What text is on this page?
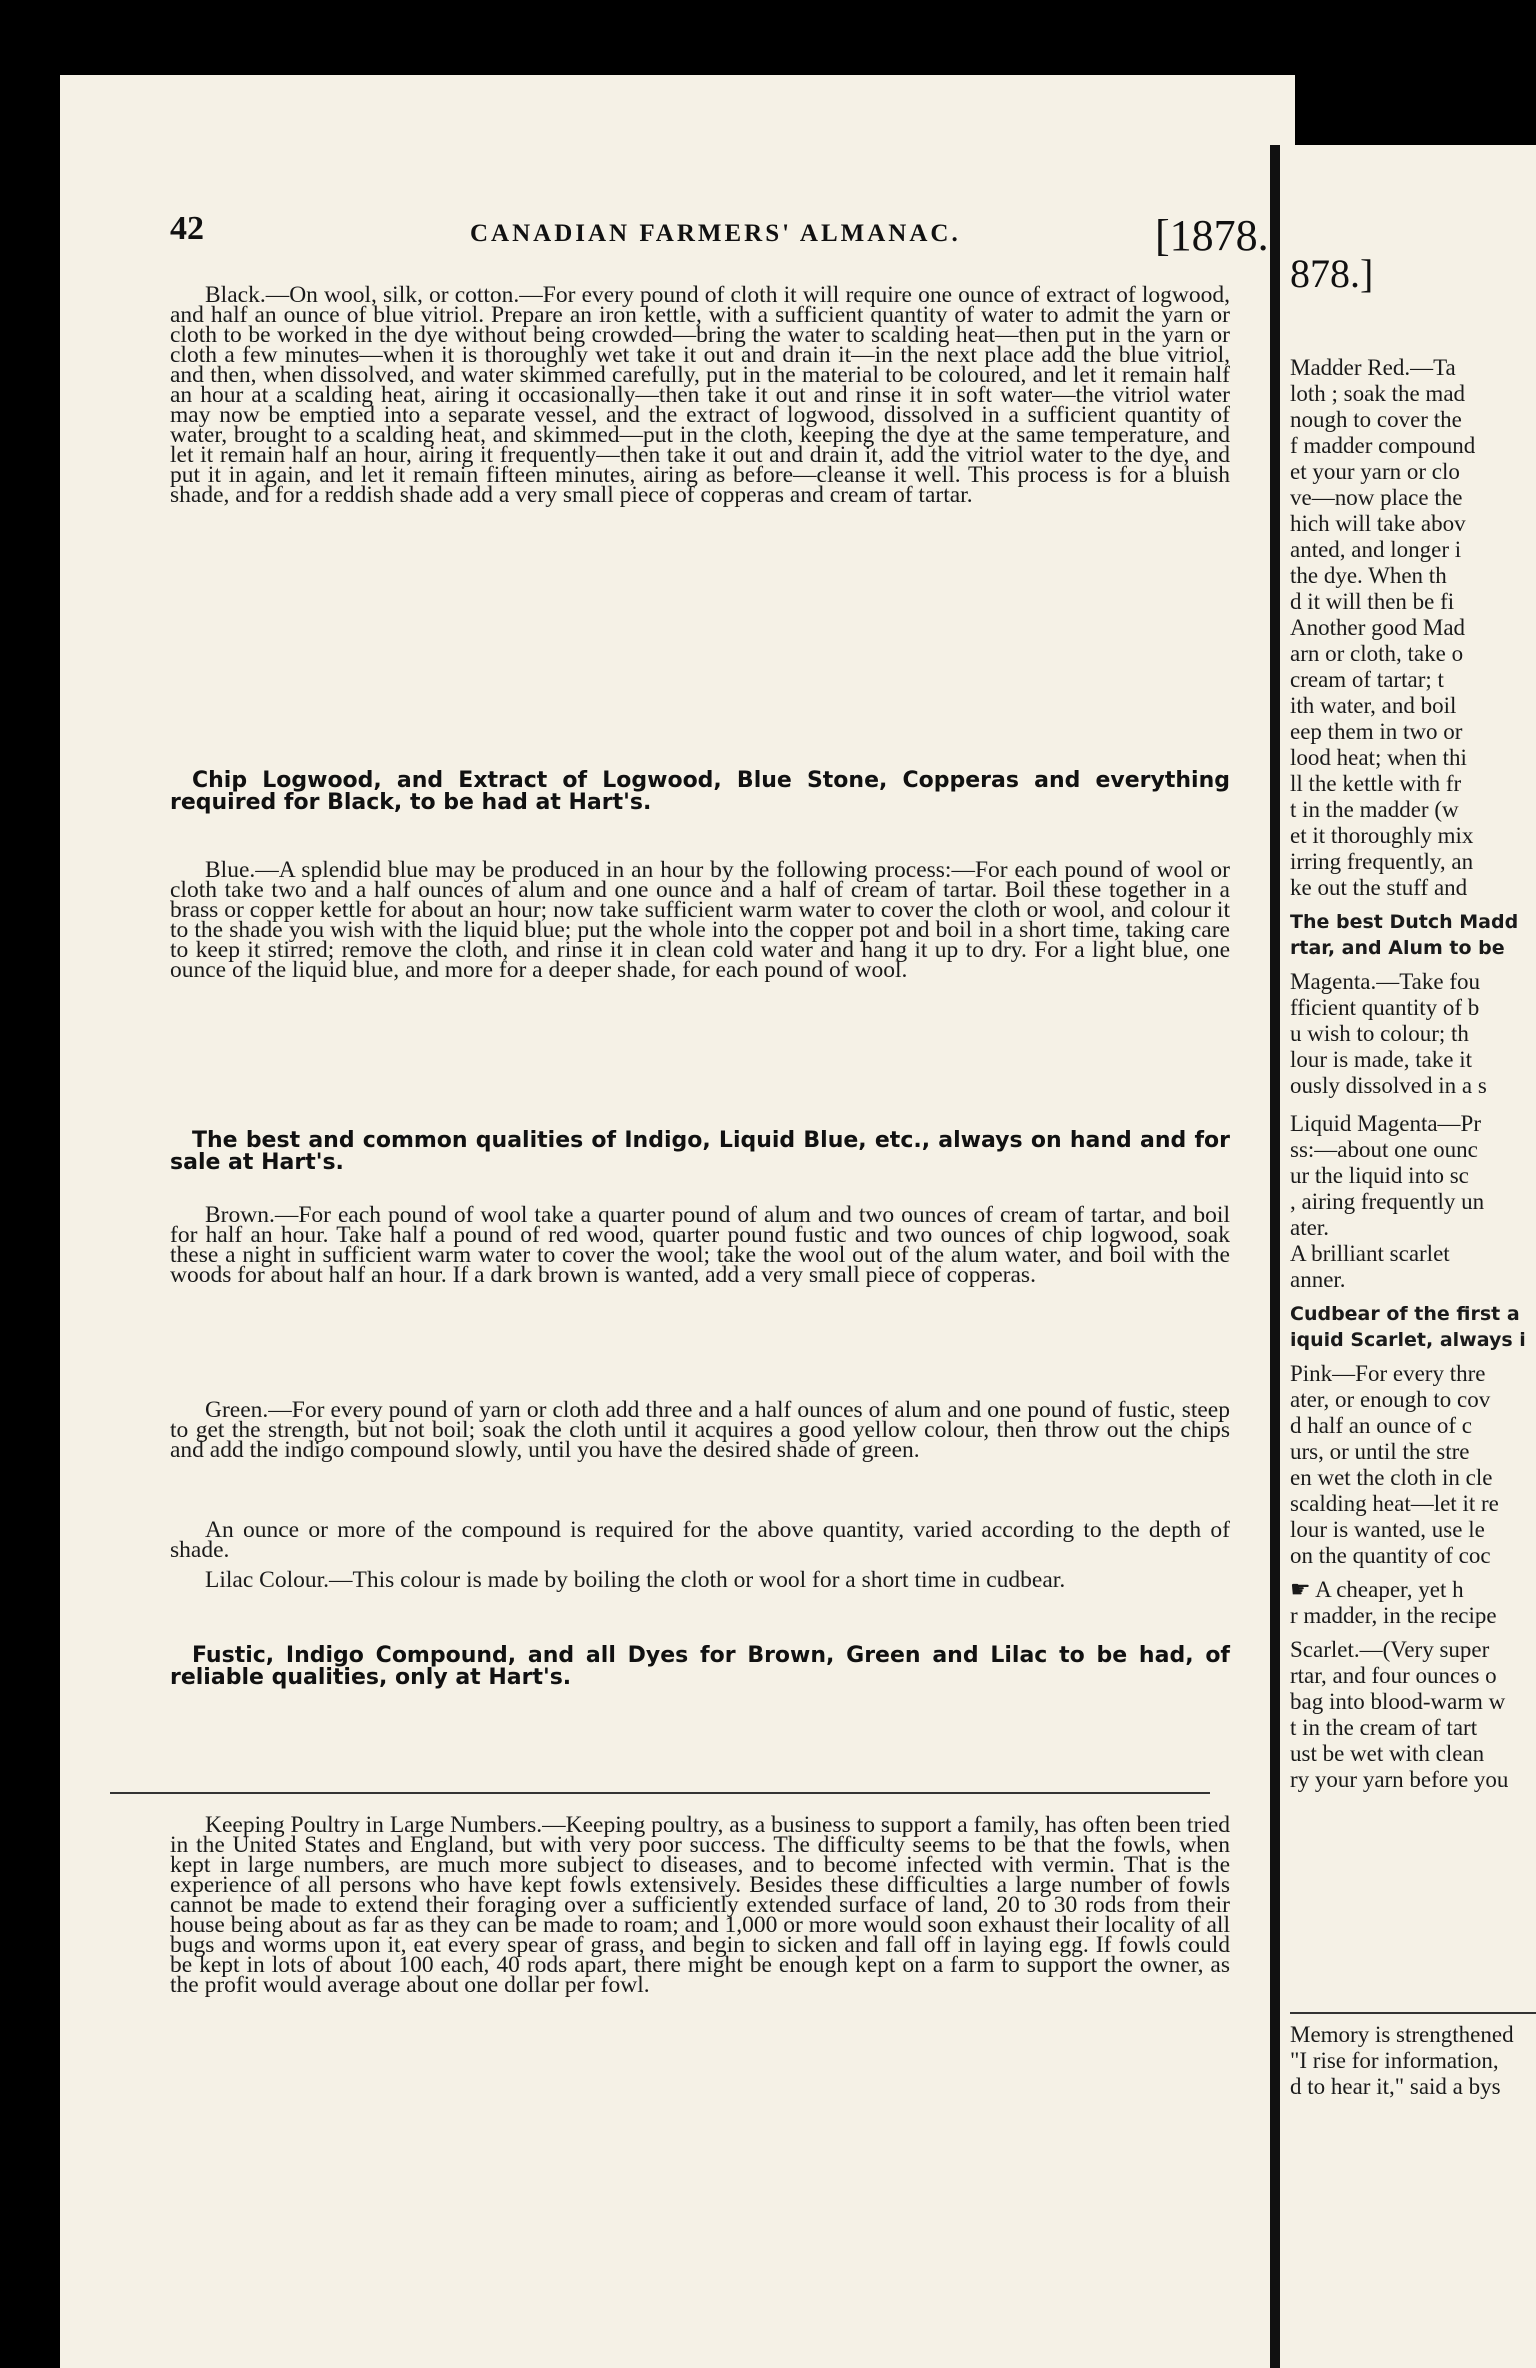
42	CANADIAN FARMERS' ALMANAC.	[1878.
Black.—On wool, silk, or cotton.—For every pound of cloth it will require one ounce of extract of logwood, and half an ounce of blue vitriol. Prepare an iron kettle, with a sufficient quantity of water to admit the yarn or cloth to be worked in the dye without being crowded—bring the water to scalding heat—then put in the yarn or cloth a few minutes—when it is thoroughly wet take it out and drain it—in the next place add the blue vitriol, and then, when dissolved, and water skimmed carefully, put in the material to be coloured, and let it remain half an hour at a scalding heat, airing it occasionally—then take it out and rinse it in soft water—the vitriol water may now be emptied into a separate vessel, and the extract of logwood, dissolved in a sufficient quantity of water, brought to a scalding heat, and skimmed—put in the cloth, keeping the dye at the same temperature, and let it remain half an hour, airing it frequently—then take it out and drain it, add the vitriol water to the dye, and put it in again, and let it remain fifteen minutes, airing as before—cleanse it well. This process is for a bluish shade, and for a reddish shade add a very small piece of copperas and cream of tartar.
Chip Logwood, and Extract of Logwood, Blue Stone, Copperas and everything required for Black, to be had at Hart's.
Blue.—A splendid blue may be produced in an hour by the following process:—For each pound of wool or cloth take two and a half ounces of alum and one ounce and a half of cream of tartar. Boil these together in a brass or copper kettle for about an hour; now take sufficient warm water to cover the cloth or wool, and colour it to the shade you wish with the liquid blue; put the whole into the copper pot and boil in a short time, taking care to keep it stirred; remove the cloth, and rinse it in clean cold water and hang it up to dry. For a light blue, one ounce of the liquid blue, and more for a deeper shade, for each pound of wool.
The best and common qualities of Indigo, Liquid Blue, etc., always on hand and for sale at Hart's.
Brown.—For each pound of wool take a quarter pound of alum and two ounces of cream of tartar, and boil for half an hour. Take half a pound of red wood, quarter pound fustic and two ounces of chip logwood, soak these a night in sufficient warm water to cover the wool; take the wool out of the alum water, and boil with the woods for about half an hour. If a dark brown is wanted, add a very small piece of copperas.
Green.—For every pound of yarn or cloth add three and a half ounces of alum and one pound of fustic, steep to get the strength, but not boil; soak the cloth until it acquires a good yellow colour, then throw out the chips and add the indigo compound slowly, until you have the desired shade of green.
An ounce or more of the compound is required for the above quantity, varied according to the depth of shade.
Lilac Colour.—This colour is made by boiling the cloth or wool for a short time in cudbear.
Fustic, Indigo Compound, and all Dyes for Brown, Green and Lilac to be had, of reliable qualities, only at Hart's.
Keeping Poultry in Large Numbers.—Keeping poultry, as a business to support a family, has often been tried in the United States and England, but with very poor success. The difficulty seems to be that the fowls, when kept in large numbers, are much more subject to diseases, and to become infected with vermin. That is the experience of all persons who have kept fowls extensively. Besides these difficulties a large number of fowls cannot be made to extend their foraging over a sufficiently extended surface of land, 20 to 30 rods from their house being about as far as they can be made to roam; and 1,000 or more would soon exhaust their locality of all bugs and worms upon it, eat every spear of grass, and begin to sicken and fall off in laying egg. If fowls could be kept in lots of about 100 each, 40 rods apart, there might be enough kept on a farm to support the owner, as the profit would average about one dollar per fowl.
878.]
Madder Red.—Ta
loth ; soak the mad
nough to cover the
f madder compound
et your yarn or clo
ve—now place the
hich will take abov
anted, and longer i
the dye. When th
d it will then be fi
Another good Mad
arn or cloth, take o
cream of tartar; t
ith water, and boil
eep them in two or
lood heat; when thi
ll the kettle with fr
t in the madder (w
et it thoroughly mix
irring frequently, an
ke out the stuff and
The best Dutch Madd
rtar, and Alum to be
Magenta.—Take fou
fficient quantity of b
u wish to colour; th
lour is made, take it
ously dissolved in a s
Liquid Magenta—Pr
ss:—about one ounc
ur the liquid into sc
, airing frequently un
ater.
A brilliant scarlet
anner.
Cudbear of the first a
iquid Scarlet, always i
Pink—For every thre
ater, or enough to cov
d half an ounce of c
urs, or until the stre
en wet the cloth in cle
scalding heat—let it re
lour is wanted, use le
on the quantity of coc
☛ A cheaper, yet h
r madder, in the recipe
Scarlet.—(Very super
rtar, and four ounces o
bag into blood-warm w
t in the cream of tart
ust be wet with clean
ry your yarn before you
Memory is strengthened
"I rise for information,
d to hear it," said a bys
